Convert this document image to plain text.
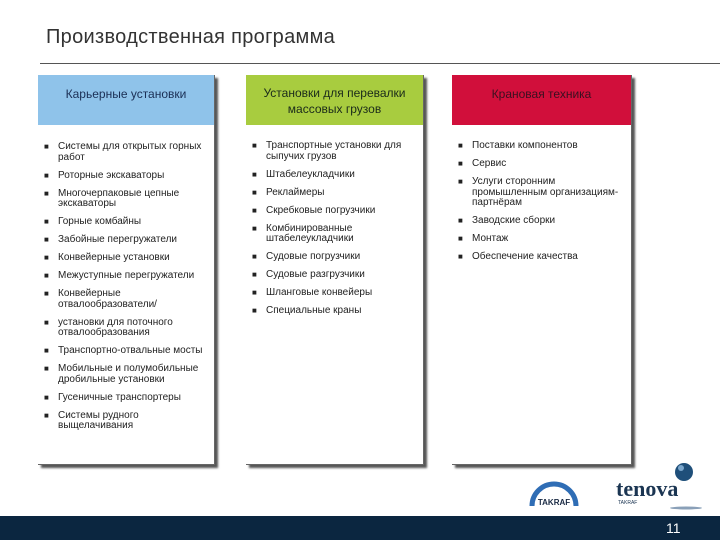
Производственная программа
Карьерные установки
■ Системы для открытых горных работ
■ Роторные экскаваторы
■ Многочерпаковые цепные экскаваторы
■ Горные комбайны
■ Забойные перегружатели
■ Конвейерные установки
■ Межуступные перегружатели
■ Конвейерные отвалообразователи/
■ установки для поточного отвалообразования
■ Транспортно-отвальные мосты
■ Мобильные и полумобильные дробильные установки
■ Гусеничные транспортеры
■ Системы рудного выщелачивания
Установки для перевалки массовых грузов
■ Транспортные установки для сыпучих грузов
■ Штабелеукладчики
■ Реклаймеры
■ Скребковые погрузчики
■ Комбинированные штабелеукладчики
■ Судовые погрузчики
■ Судовые разгрузчики
■ Шланговые конвейеры
■ Специальные краны
Крановая техника
■ Поставки компонентов
■ Сервис
■ Услуги сторонним промышленным организациям-партнёрам
■ Заводские сборки
■ Монтаж
■ Обеспечение качества
TAKRAF
tenova
TAKRAF
11
